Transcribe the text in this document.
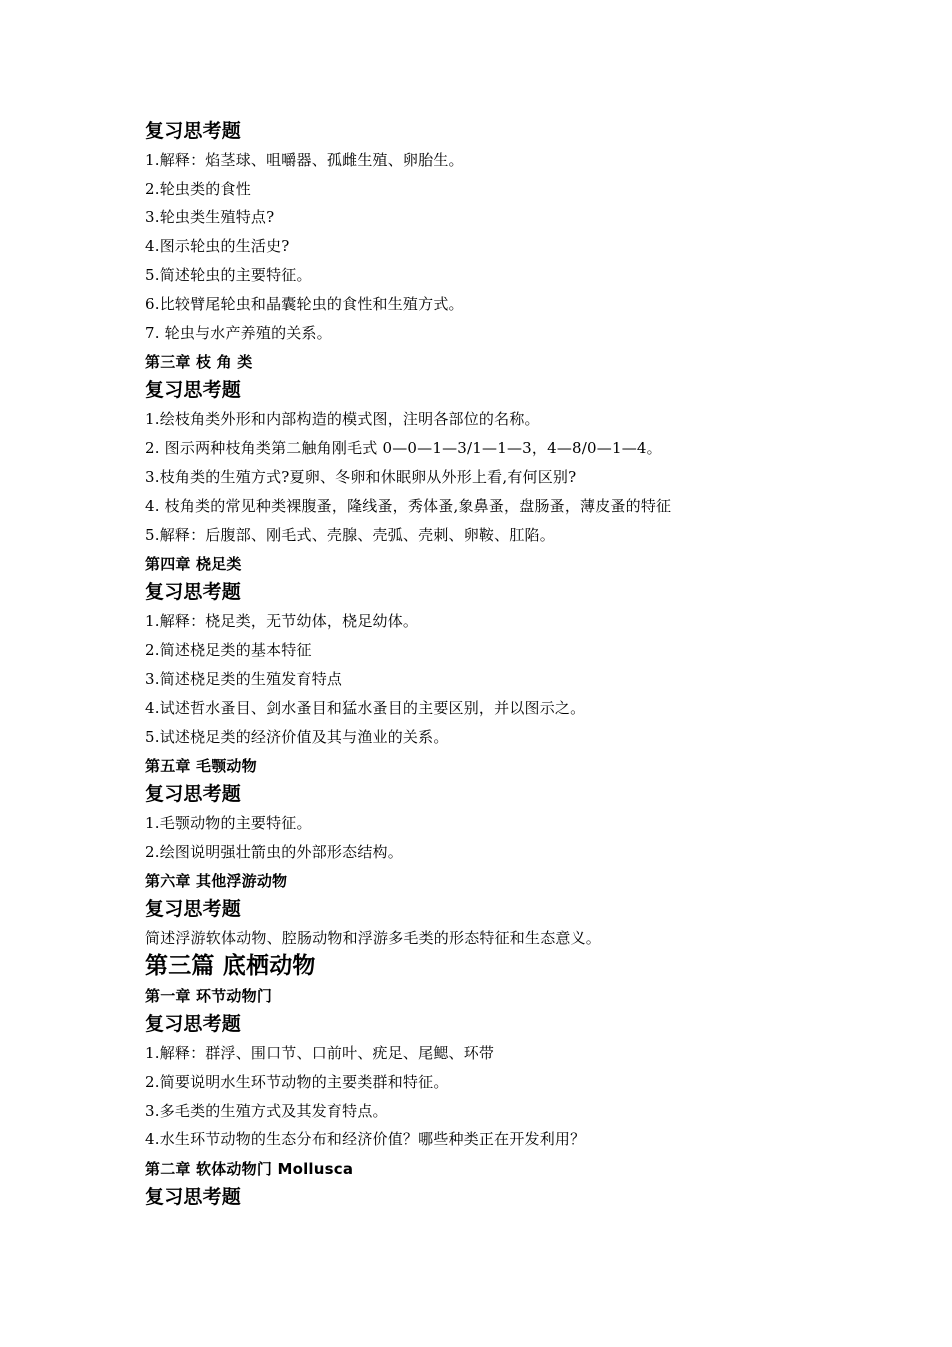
复习思考题
1.解释：焰茎球、咀嚼器、孤雌生殖、卵胎生。
2.轮虫类的食性
3.轮虫类生殖特点?
4.图示轮虫的生活史?
5.简述轮虫的主要特征。
6.比较臂尾轮虫和晶囊轮虫的食性和生殖方式。
7. 轮虫与水产养殖的关系。
第三章 枝 角 类
复习思考题
1.绘枝角类外形和内部构造的模式图，注明各部位的名称。
2. 图示两种枝角类第二触角刚毛式 0—0—1—3/1—1—3，4—8/0—1—4。
3.枝角类的生殖方式?夏卵、冬卵和休眠卵从外形上看,有何区别?
4. 枝角类的常见种类裸腹蚤，隆线蚤，秀体蚤,象鼻蚤，盘肠蚤，薄皮蚤的特征
5.解释：后腹部、刚毛式、壳腺、壳弧、壳刺、卵鞍、肛陷。
第四章 桡足类
复习思考题
1.解释：桡足类，无节幼体，桡足幼体。
2.简述桡足类的基本特征
3.简述桡足类的生殖发育特点
4.试述哲水蚤目、剑水蚤目和猛水蚤目的主要区别，并以图示之。
5.试述桡足类的经济价值及其与渔业的关系。
第五章 毛颚动物
复习思考题
1.毛颚动物的主要特征。
2.绘图说明强壮箭虫的外部形态结构。
第六章 其他浮游动物
复习思考题
简述浮游软体动物、腔肠动物和浮游多毛类的形态特征和生态意义。
第三篇 底栖动物
第一章 环节动物门
复习思考题
1.解释：群浮、围口节、口前叶、疣足、尾鳃、环带
2.简要说明水生环节动物的主要类群和特征。
3.多毛类的生殖方式及其发育特点。
4.水生环节动物的生态分布和经济价值？哪些种类正在开发利用？
第二章 软体动物门 Mollusca
复习思考题
